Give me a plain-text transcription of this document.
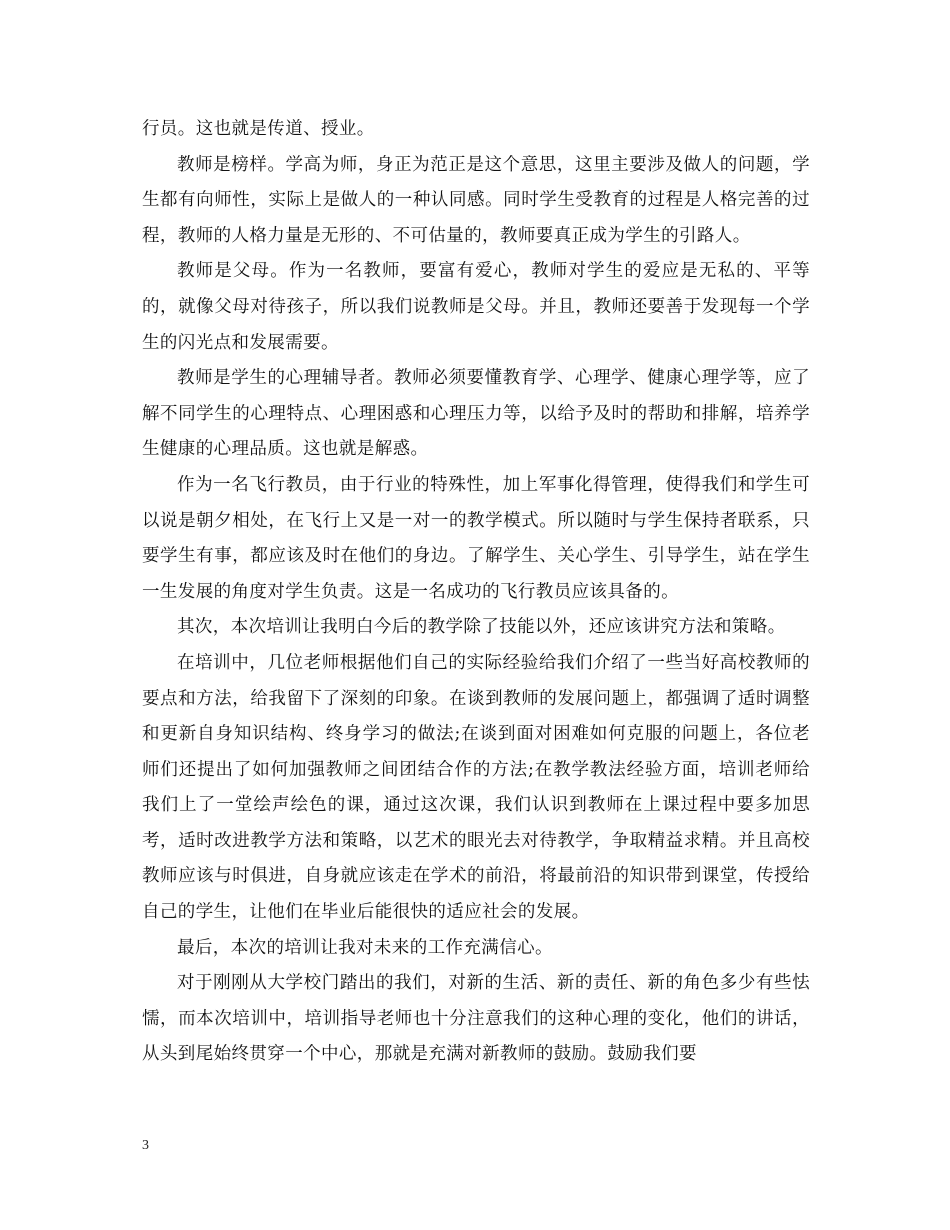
行员。这也就是传道、授业。

教师是榜样。学高为师，身正为范正是这个意思，这里主要涉及做人的问题，学生都有向师性，实际上是做人的一种认同感。同时学生受教育的过程是人格完善的过程，教师的人格力量是无形的、不可估量的，教师要真正成为学生的引路人。

教师是父母。作为一名教师，要富有爱心，教师对学生的爱应是无私的、平等的，就像父母对待孩子，所以我们说教师是父母。并且，教师还要善于发现每一个学生的闪光点和发展需要。

教师是学生的心理辅导者。教师必须要懂教育学、心理学、健康心理学等，应了解不同学生的心理特点、心理困惑和心理压力等，以给予及时的帮助和排解，培养学生健康的心理品质。这也就是解惑。

作为一名飞行教员，由于行业的特殊性，加上军事化得管理，使得我们和学生可以说是朝夕相处，在飞行上又是一对一的教学模式。所以随时与学生保持者联系，只要学生有事，都应该及时在他们的身边。了解学生、关心学生、引导学生，站在学生一生发展的角度对学生负责。这是一名成功的飞行教员应该具备的。

其次，本次培训让我明白今后的教学除了技能以外，还应该讲究方法和策略。

在培训中，几位老师根据他们自己的实际经验给我们介绍了一些当好高校教师的要点和方法，给我留下了深刻的印象。在谈到教师的发展问题上，都强调了适时调整和更新自身知识结构、终身学习的做法;在谈到面对困难如何克服的问题上，各位老师们还提出了如何加强教师之间团结合作的方法;在教学教法经验方面，培训老师给我们上了一堂绘声绘色的课，通过这次课，我们认识到教师在上课过程中要多加思考，适时改进教学方法和策略，以艺术的眼光去对待教学，争取精益求精。并且高校教师应该与时俱进，自身就应该走在学术的前沿，将最前沿的知识带到课堂，传授给自己的学生，让他们在毕业后能很快的适应社会的发展。

最后，本次的培训让我对未来的工作充满信心。

对于刚刚从大学校门踏出的我们，对新的生活、新的责任、新的角色多少有些怯懦，而本次培训中，培训指导老师也十分注意我们的这种心理的变化，他们的讲话，从头到尾始终贯穿一个中心，那就是充满对新教师的鼓励。鼓励我们要

3
